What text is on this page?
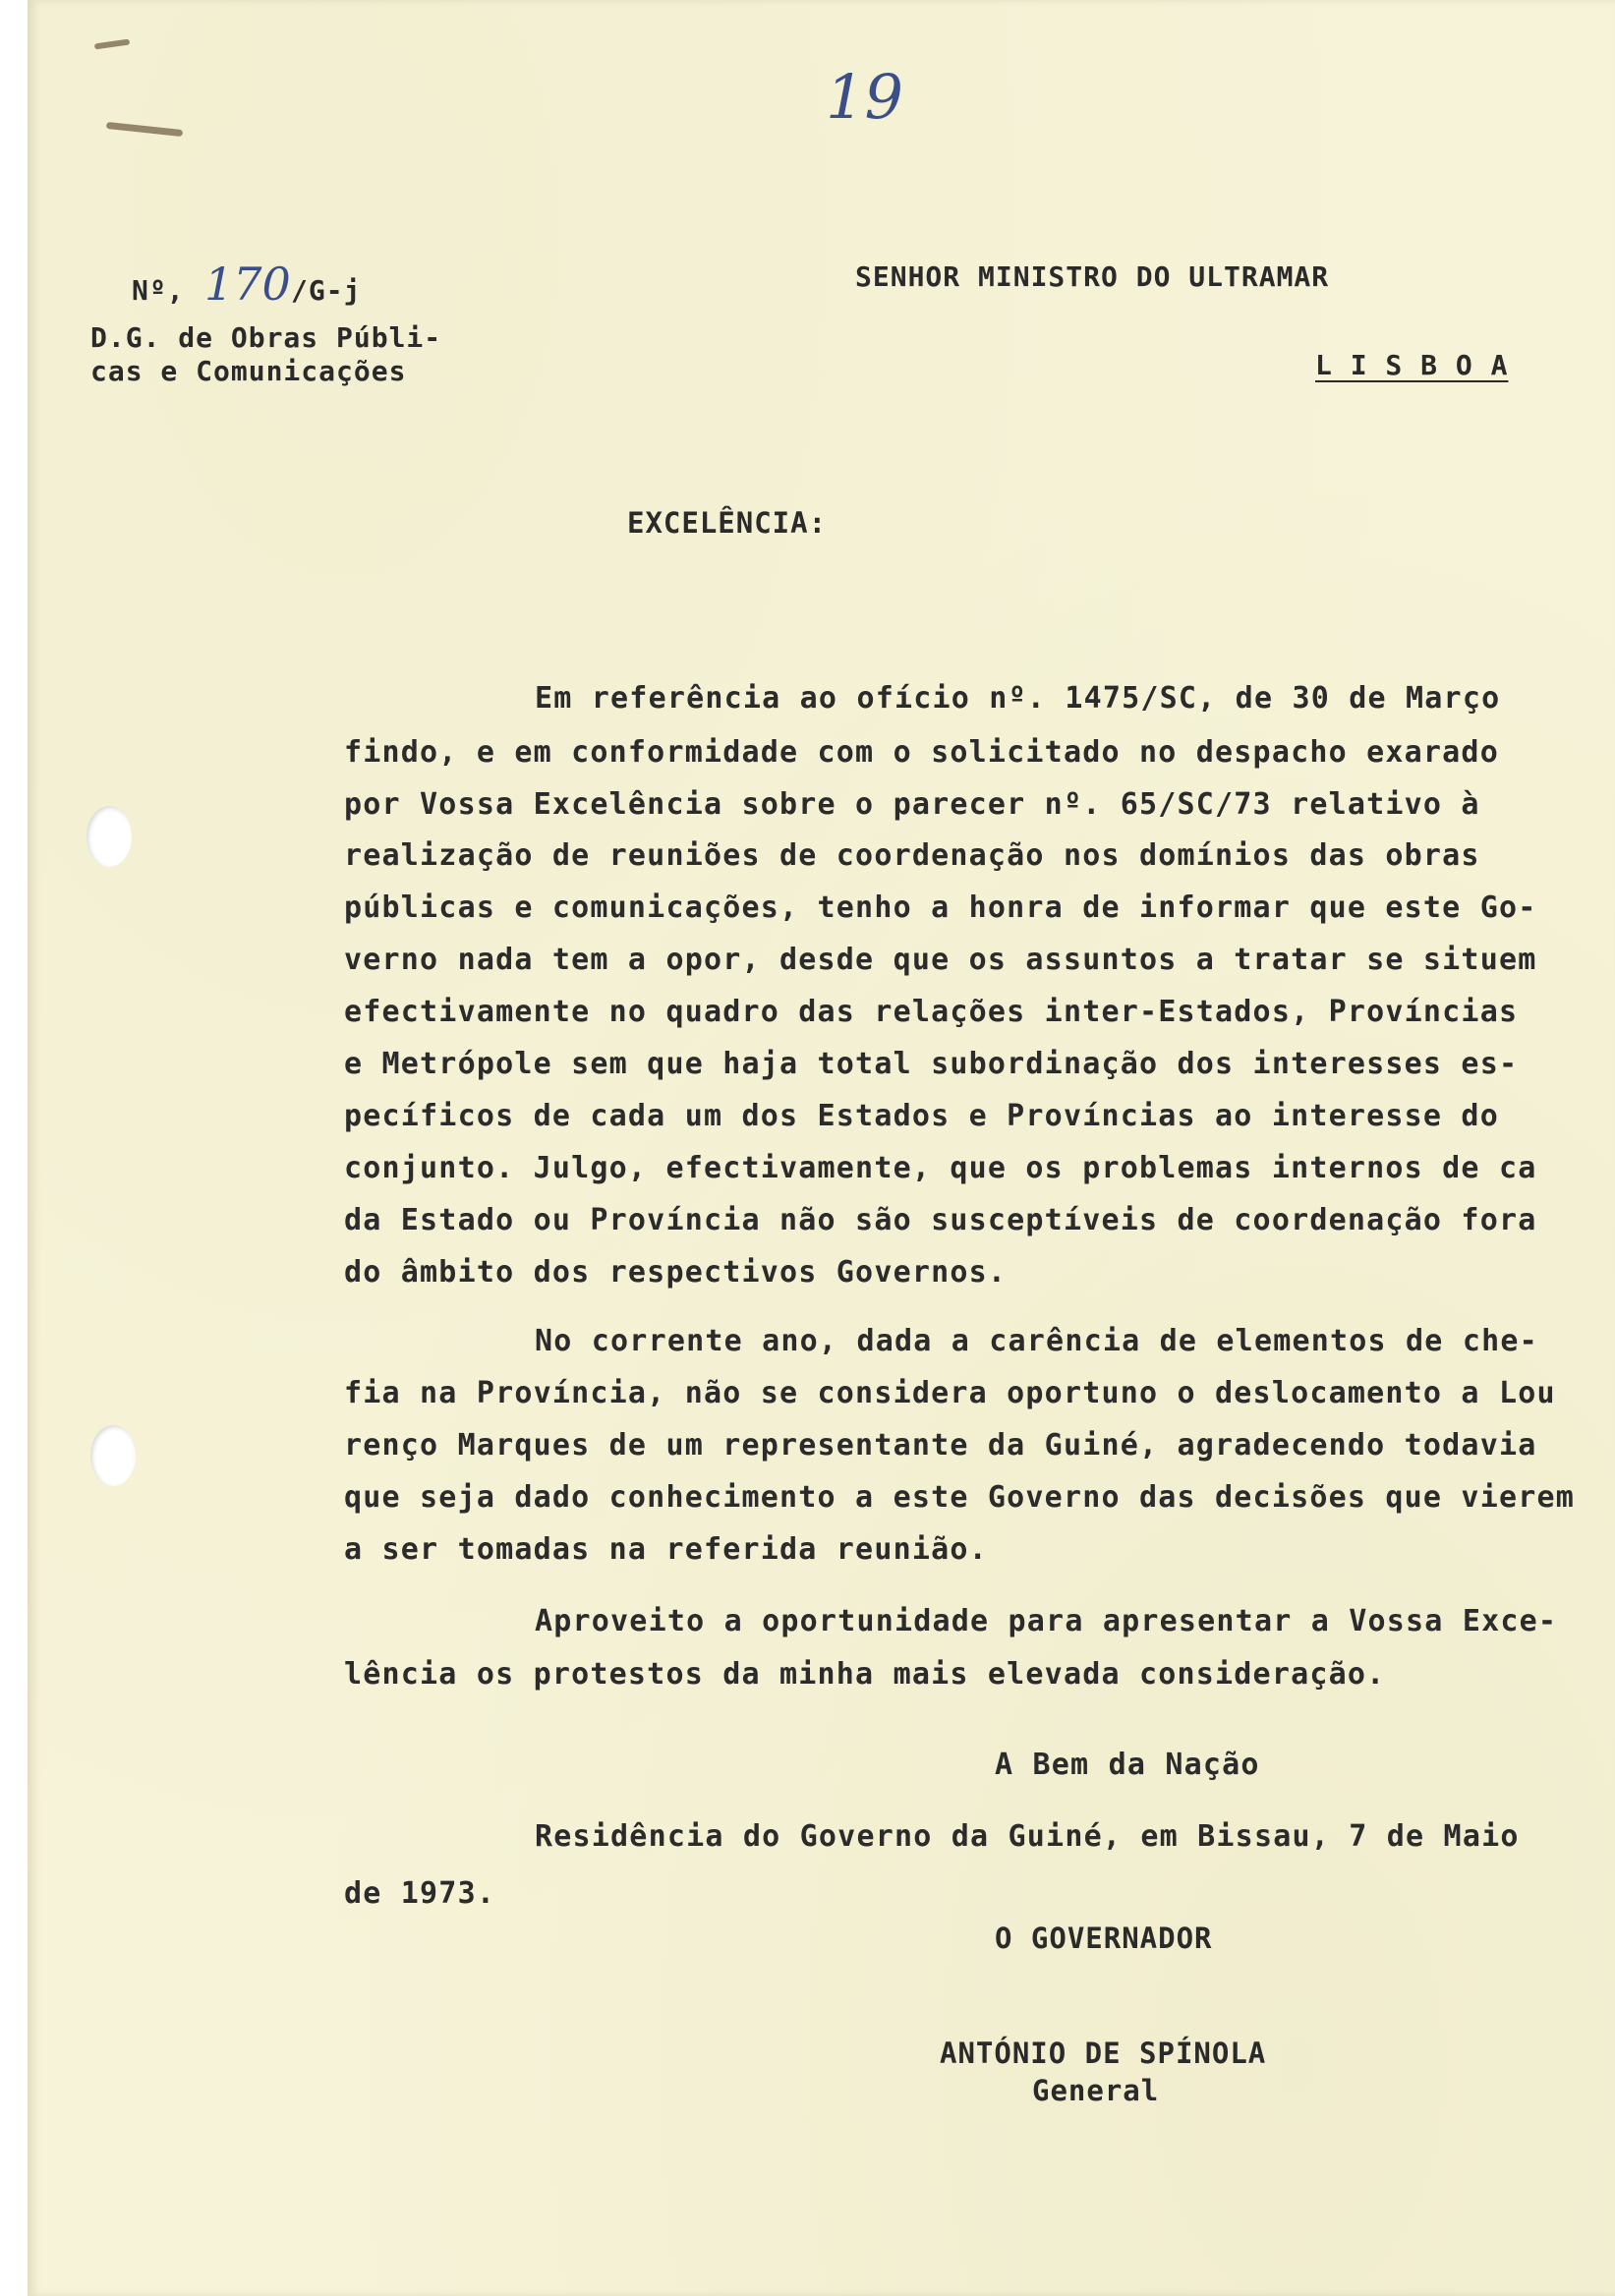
19
Nº, 170 /G-j
D.G. de Obras Públi-
cas e Comunicações
SENHOR MINISTRO DO ULTRAMAR
L I S B O A
EXCELÊNCIA:
Em referência ao ofício nº. 1475/SC, de 30 de Março
findo, e em conformidade com o solicitado no despacho exarado
por Vossa Excelência sobre o parecer nº. 65/SC/73 relativo à
realização de reuniões de coordenação nos domínios das obras
públicas e comunicações, tenho a honra de informar que este Go-
verno nada tem a opor, desde que os assuntos a tratar se situem
efectivamente no quadro das relações inter-Estados, Províncias
e Metrópole sem que haja total subordinação dos interesses es-
pecíficos de cada um dos Estados e Províncias ao interesse do
conjunto. Julgo, efectivamente, que os problemas internos de ca
da Estado ou Província não são susceptíveis de coordenação fora
do âmbito dos respectivos Governos.
No corrente ano, dada a carência de elementos de che-
fia na Província, não se considera oportuno o deslocamento a Lou
renço Marques de um representante da Guiné, agradecendo todavia
que seja dado conhecimento a este Governo das decisões que vierem
a ser tomadas na referida reunião.
Aproveito a oportunidade para apresentar a Vossa Exce-
lência os protestos da minha mais elevada consideração.
A Bem da Nação
Residência do Governo da Guiné, em Bissau, 7 de Maio
de 1973.
O GOVERNADOR
ANTÓNIO DE SPÍNOLA
General
